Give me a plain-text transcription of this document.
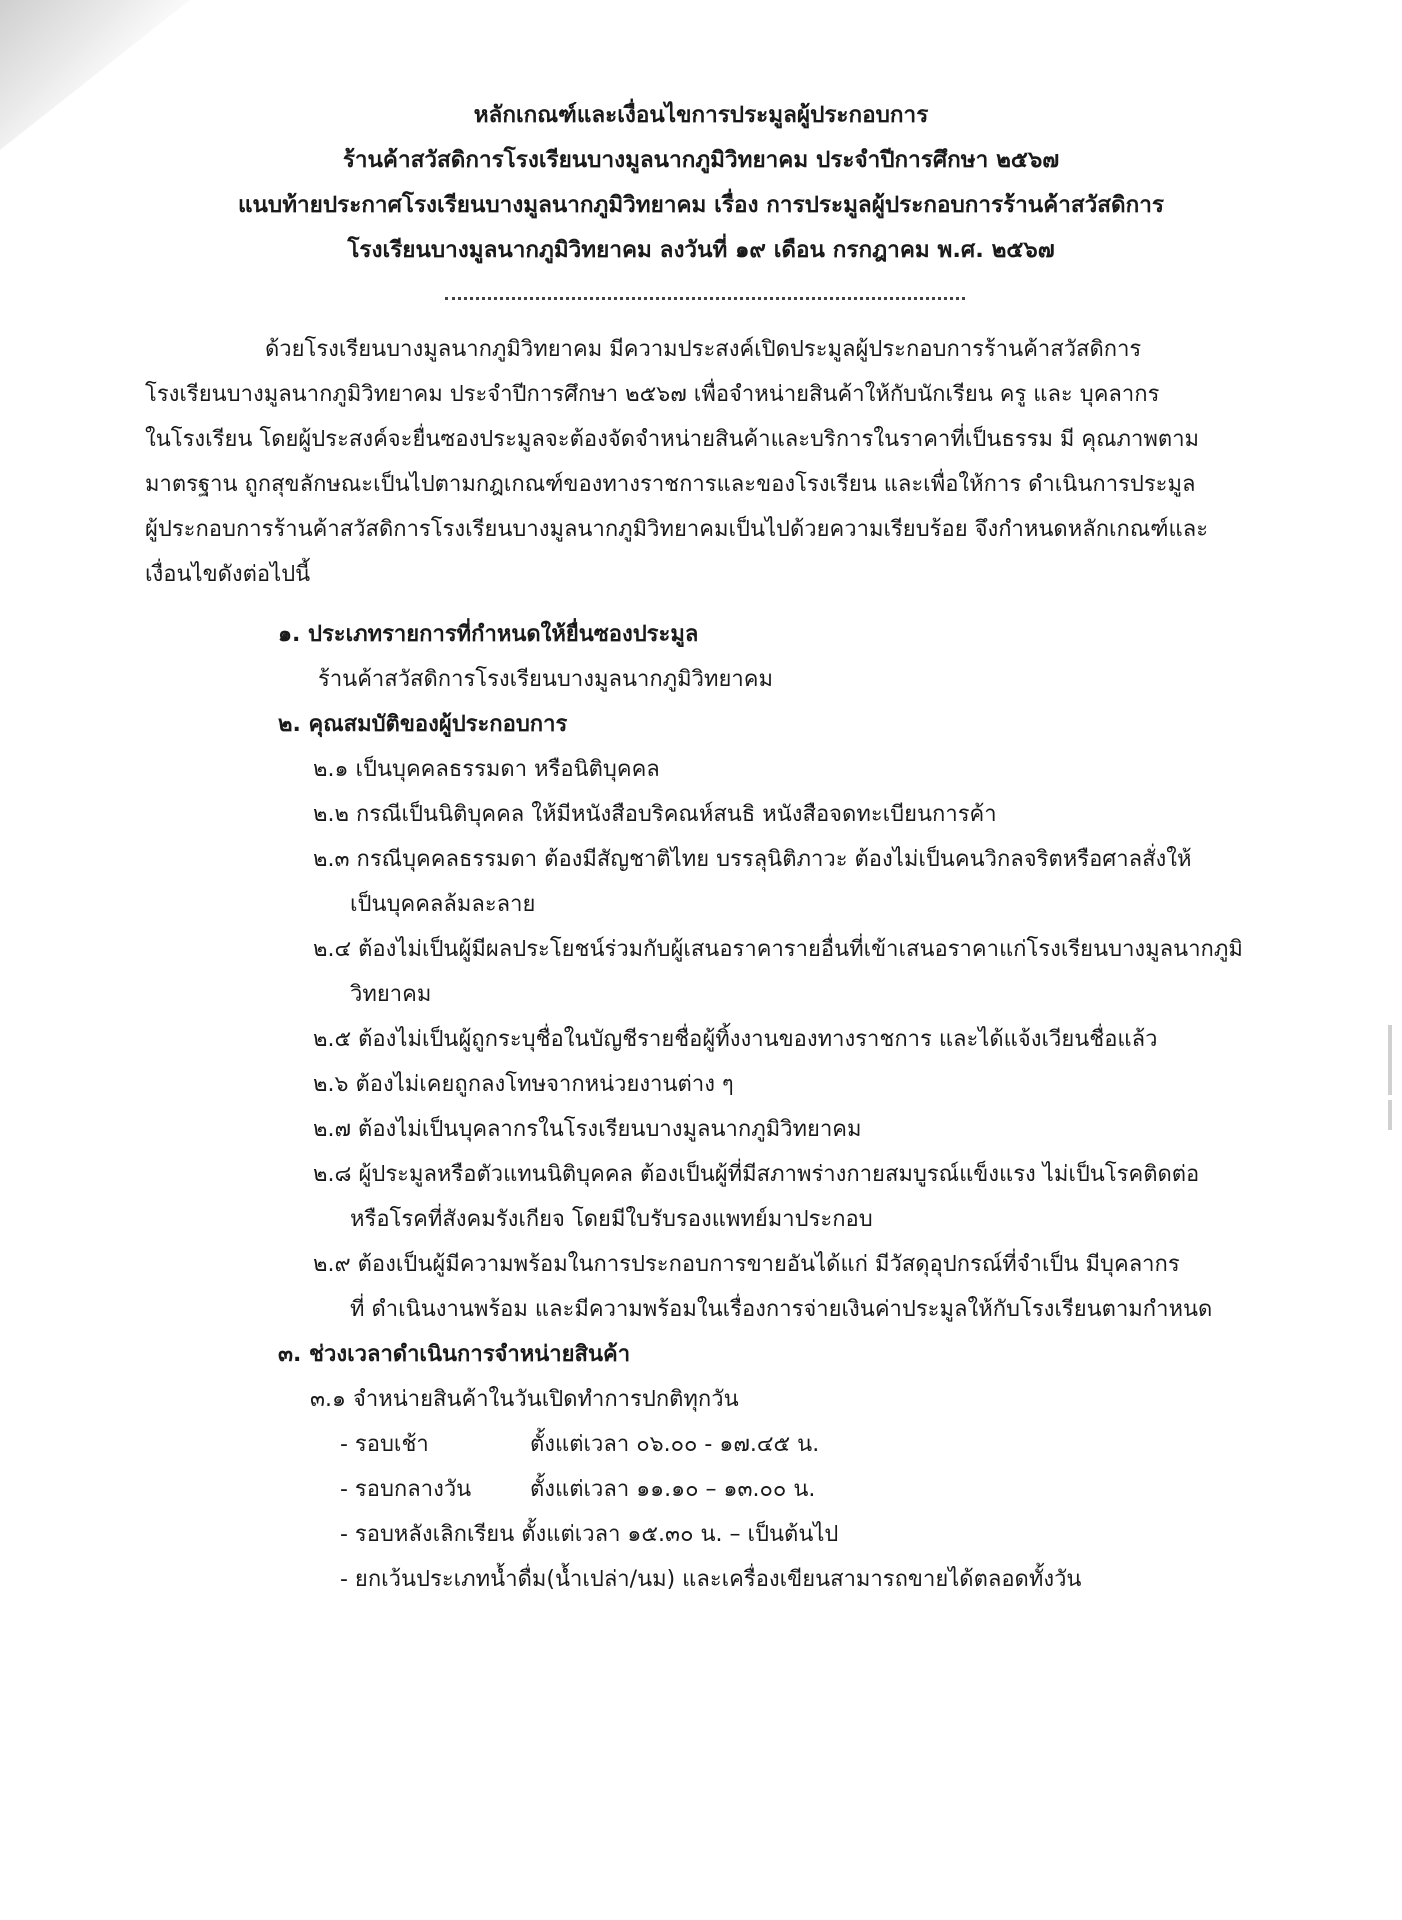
หลักเกณฑ์และเงื่อนไขการประมูลผู้ประกอบการ
ร้านค้าสวัสดิการโรงเรียนบางมูลนากภูมิวิทยาคม ประจำปีการศึกษา ๒๕๖๗
แนบท้ายประกาศโรงเรียนบางมูลนากภูมิวิทยาคม เรื่อง การประมูลผู้ประกอบการร้านค้าสวัสดิการ
โรงเรียนบางมูลนากภูมิวิทยาคม ลงวันที่ ๑๙ เดือน กรกฎาคม พ.ศ. ๒๕๖๗
ด้วยโรงเรียนบางมูลนากภูมิวิทยาคม มีความประสงค์เปิดประมูลผู้ประกอบการร้านค้าสวัสดิการ
โรงเรียนบางมูลนากภูมิวิทยาคม ประจำปีการศึกษา ๒๕๖๗ เพื่อจำหน่ายสินค้าให้กับนักเรียน ครู และ บุคลากร
ในโรงเรียน โดยผู้ประสงค์จะยื่นซองประมูลจะต้องจัดจำหน่ายสินค้าและบริการในราคาที่เป็นธรรม มี คุณภาพตาม
มาตรฐาน ถูกสุขลักษณะเป็นไปตามกฎเกณฑ์ของทางราชการและของโรงเรียน และเพื่อให้การ ดำเนินการประมูล
ผู้ประกอบการร้านค้าสวัสดิการโรงเรียนบางมูลนากภูมิวิทยาคมเป็นไปด้วยความเรียบร้อย จึงกำหนดหลักเกณฑ์และ
เงื่อนไขดังต่อไปนี้
๑. ประเภทรายการที่กำหนดให้ยื่นซองประมูล
ร้านค้าสวัสดิการโรงเรียนบางมูลนากภูมิวิทยาคม
๒. คุณสมบัติของผู้ประกอบการ
๒.๑ เป็นบุคคลธรรมดา หรือนิติบุคคล
๒.๒ กรณีเป็นนิติบุคคล ให้มีหนังสือบริคณห์สนธิ หนังสือจดทะเบียนการค้า
๒.๓ กรณีบุคคลธรรมดา ต้องมีสัญชาติไทย บรรลุนิติภาวะ ต้องไม่เป็นคนวิกลจริตหรือศาลสั่งให้
เป็นบุคคลล้มละลาย
๒.๔ ต้องไม่เป็นผู้มีผลประโยชน์ร่วมกับผู้เสนอราคารายอื่นที่เข้าเสนอราคาแก่โรงเรียนบางมูลนากภูมิ
วิทยาคม
๒.๕ ต้องไม่เป็นผู้ถูกระบุชื่อในบัญชีรายชื่อผู้ทิ้งงานของทางราชการ และได้แจ้งเวียนชื่อแล้ว
๒.๖ ต้องไม่เคยถูกลงโทษจากหน่วยงานต่าง ๆ
๒.๗ ต้องไม่เป็นบุคลากรในโรงเรียนบางมูลนากภูมิวิทยาคม
๒.๘ ผู้ประมูลหรือตัวแทนนิติบุคคล ต้องเป็นผู้ที่มีสภาพร่างกายสมบูรณ์แข็งแรง ไม่เป็นโรคติดต่อ
หรือโรคที่สังคมรังเกียจ โดยมีใบรับรองแพทย์มาประกอบ
๒.๙ ต้องเป็นผู้มีความพร้อมในการประกอบการขายอันได้แก่ มีวัสดุอุปกรณ์ที่จำเป็น มีบุคลากร
ที่ ดำเนินงานพร้อม และมีความพร้อมในเรื่องการจ่ายเงินค่าประมูลให้กับโรงเรียนตามกำหนด
๓. ช่วงเวลาดำเนินการจำหน่ายสินค้า
๓.๑ จำหน่ายสินค้าในวันเปิดทำการปกติทุกวัน
- รอบเช้า	ตั้งแต่เวลา ๐๖.๐๐ - ๑๗.๔๕ น.
- รอบกลางวัน	ตั้งแต่เวลา ๑๑.๑๐ – ๑๓.๐๐ น.
- รอบหลังเลิกเรียน ตั้งแต่เวลา ๑๕.๓๐ น. – เป็นต้นไป
- ยกเว้นประเภทน้ำดื่ม(น้ำเปล่า/นม) และเครื่องเขียนสามารถขายได้ตลอดทั้งวัน
